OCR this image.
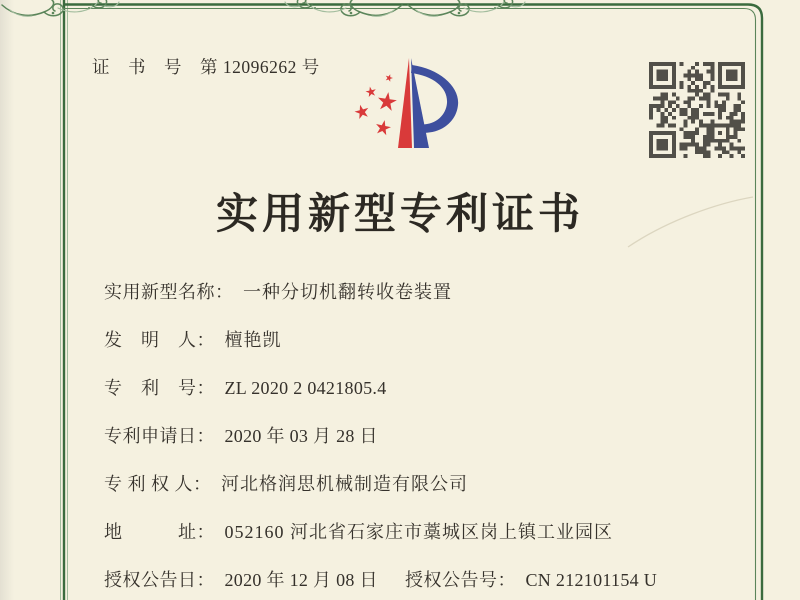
证　书　号　第 12096262 号
实用新型专利证书
实用新型名称： 一种分切机翻转收卷装置
发　明　人： 檀艳凯
专　利　号： ZL 2020 2 0421805.4
专利申请日： 2020 年 03 月 28 日
专 利 权 人： 河北格润思机械制造有限公司
地　　　址： 052160 河北省石家庄市藁城区岗上镇工业园区
授权公告日： 2020 年 12 月 08 日 授权公告号： CN 212101154 U
